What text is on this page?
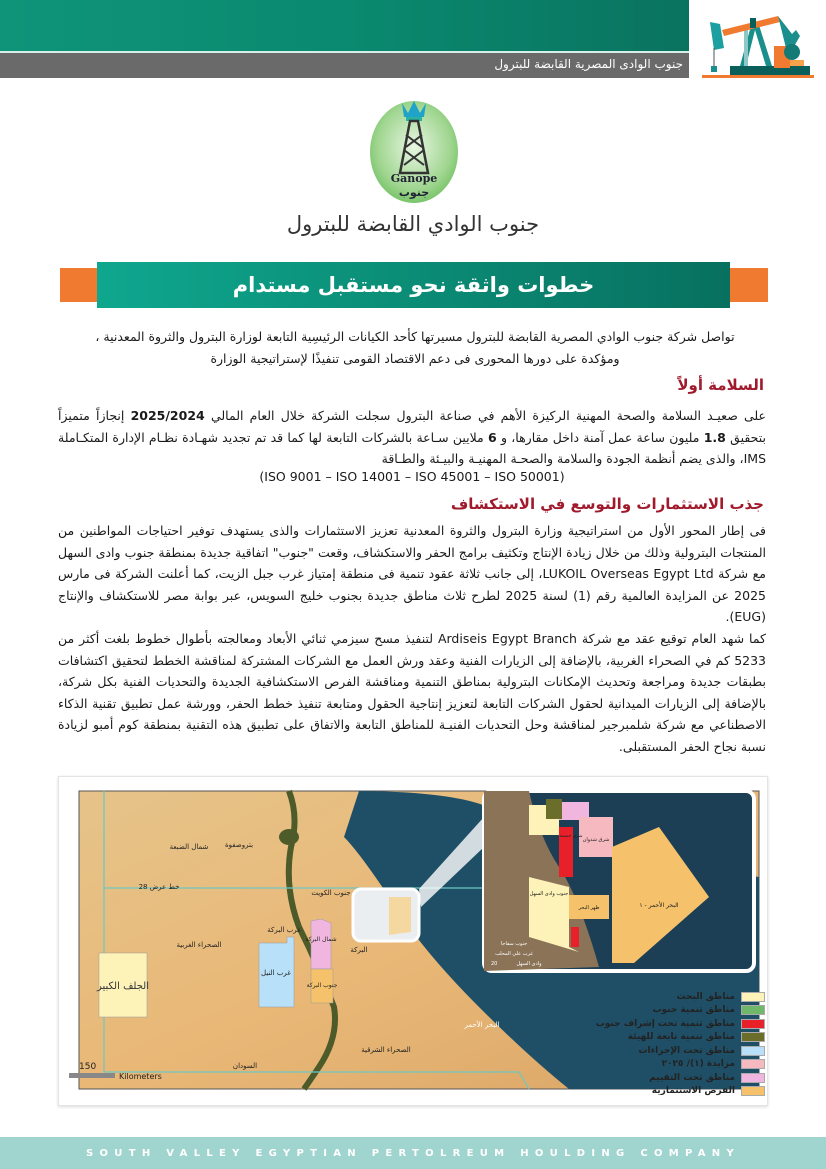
جنوب الوادى المصرية القابضة للبترول
Ganope
جنوب
جنوب الوادي القابضة للبترول
خطوات واثقة نحو مستقبل مستدام
تواصل شركة جنوب الوادي المصرية القابضة للبترول مسيرتها كأحد الكيانات الرئيسِية التابعة لوزارة البترول والثروة المعدنية ،
ومؤكدة على دورها المحورى فى دعم الاقتصاد القومى تنفيذًا لإستراتيجية الوزارة
السلامة أولاً
على صعيـد السلامة والصحة المهنية الركيزة الأهم في صناعة البترول سجلت الشركة خلال العام المالي 2025/2024 إنجازاً متميزاً بتحقيق 1.8 مليون ساعة عمل آمنة داخل مقارها، و 6 ملايين سـاعة بالشركات التابعة لها كما قد تم تجديد شهـادة نظـام الإدارة المتكـاملة IMS، والذى يضم أنظمة الجودة والسلامة والصحـة المهنيـة والبيـئة والطـاقة
(ISO 9001 – ISO 14001 – ISO 45001 – ISO 50001)
جذب الاستثمارات والتوسع في الاستكشاف
فى إطار المحور الأول من استراتيجية وزارة البترول والثروة المعدنية تعزيز الاستثمارات والذى يستهدف توفير احتياجات المواطنين من المنتجات البترولية وذلك من خلال زيادة الإنتاج وتكثيف برامج الحفر والاستكشاف، وقعت "جنوب" اتفاقية جديدة بمنطقة جنوب وادى السهل مع شركة LUKOIL Overseas Egypt Ltd، إلى جانب ثلاثة عقود تنمية فى منطقة إمتياز غرب جبل الزيت، كما أعلنت الشركة فى مارس 2025 عن المزايدة العالمية رقم (1) لسنة 2025 لطرح ثلاث مناطق جديدة بجنوب خليج السويس، عبر بوابة مصر للاستكشاف والإنتاج (EUG).
كما شهد العام توقيع عقد مع شركة Ardiseis Egypt Branch لتنفيذ مسح سيزمي ثنائي الأبعاد ومعالجته بأطوال خطوط بلغت أكثر من 5233 كم في الصحراء الغربية، بالإضافة إلى الزيارات الفنية وعقد ورش العمل مع الشركات المشتركة لمناقشة الخطط لتحقيق اكتشافات بطبقات جديدة ومراجعة وتحديث الإمكانات البترولية بمناطق التنمية ومناقشة الفرص الاستكشافية الجديدة والتحديات الفنية بكل شركة، بالإضافة إلى الزيارات الميدانية لحقول الشركات التابعة لتعزيز إنتاجية الحقول ومتابعة تنفيذ خطط الحفر، وورشة عمل تطبيق تقنية الذكاء الاصطناعي مع شركة شلمبرجير لمناقشة وحل التحديات الفنيـة للمناطق التابعة والاتفاق على تطبيق هذه التقنية بمنطقة كوم أمبو لزيادة نسبة نجاح الحفر المستقبلى.
شمال الضبعة بتروصفوة
جنوب الكويت
خط عرض 28
الصحراء الغربية
غرب البركة
شمال البركة
البركة
جنوب البركة
غرب النيل
الجلف الكبير
البحر الأحمر
الصحراء الشرقية
السودان
150
Kilometers
شرق شدوان
شرق جمسة
ظهر البحر	البحر الأحمر - ١
جنوب وادى السهل
جنوب سفاجا
غرب علي المحلب
وادى السهل
20
مناطق البحث
مناطق تنمية جنوب
مناطق تنمية تحت إشراف جنوب
مناطق تنمية تابعة للهيئة
مناطق تحت الإجراءات
مزايدة (١)/ ٢٠٢٥
مناطق تحت التقييم
الفرص الاستثمارية
SOUTH VALLEY EGYPTIAN PERTOLREUM HOULDING COMPANY
